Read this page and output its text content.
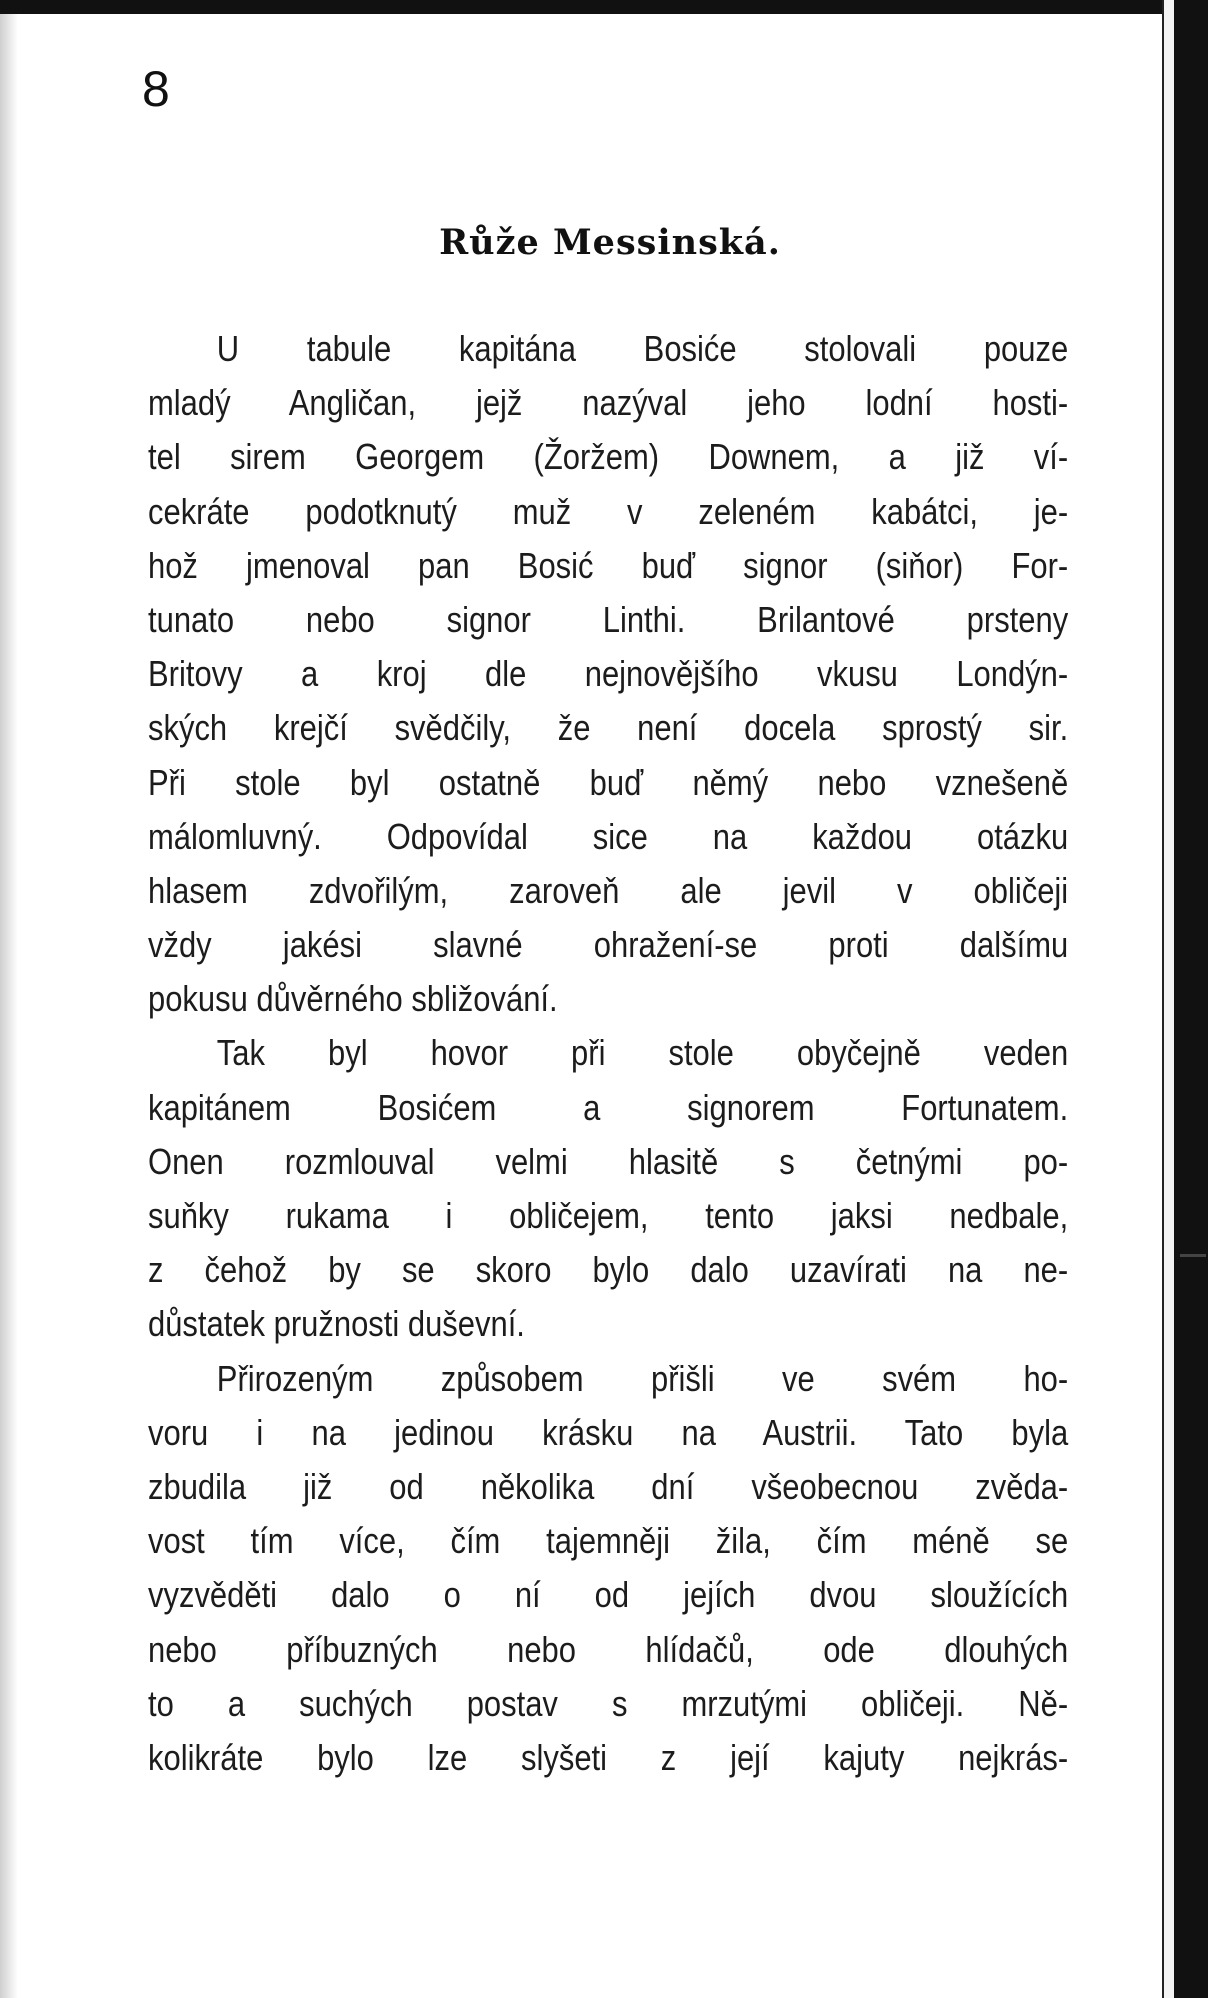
8
Růže Messinská.
U tabule kapitána Bosiće stolovali pouze
mladý Angličan, jejž nazýval jeho lodní hosti-
tel sirem Georgem (Žoržem) Downem, a již ví-
cekráte podotknutý muž v zeleném kabátci, je-
hož jmenoval pan Bosić buď signor (siňor) For-
tunato nebo signor Linthi. Brilantové prsteny
Britovy a kroj dle nejnovějšího vkusu Londýn-
ských krejčí svědčily, že není docela sprostý sir.
Při stole byl ostatně buď němý nebo vznešeně
málomluvný. Odpovídal sice na každou otázku
hlasem zdvořilým, zaroveň ale jevil v obličeji
vždy jakési slavné ohražení-se proti dalšímu
pokusu důvěrného sbližování.
Tak byl hovor při stole obyčejně veden
kapitánem Bosićem a signorem Fortunatem.
Onen rozmlouval velmi hlasitě s četnými po-
suňky rukama i obličejem, tento jaksi nedbale,
z čehož by se skoro bylo dalo uzavírati na ne-
důstatek pružnosti duševní.
Přirozeným způsobem přišli ve svém ho-
voru i na jedinou krásku na Austrii. Tato byla
zbudila již od několika dní všeobecnou zvěda-
vost tím více, čím tajemněji žila, čím méně se
vyzvěděti dalo o ní od jejích dvou sloužících
nebo příbuzných nebo hlídačů, ode dlouhých
to a suchých postav s mrzutými obličeji. Ně-
kolikráte bylo lze slyšeti z její kajuty nejkrás-
